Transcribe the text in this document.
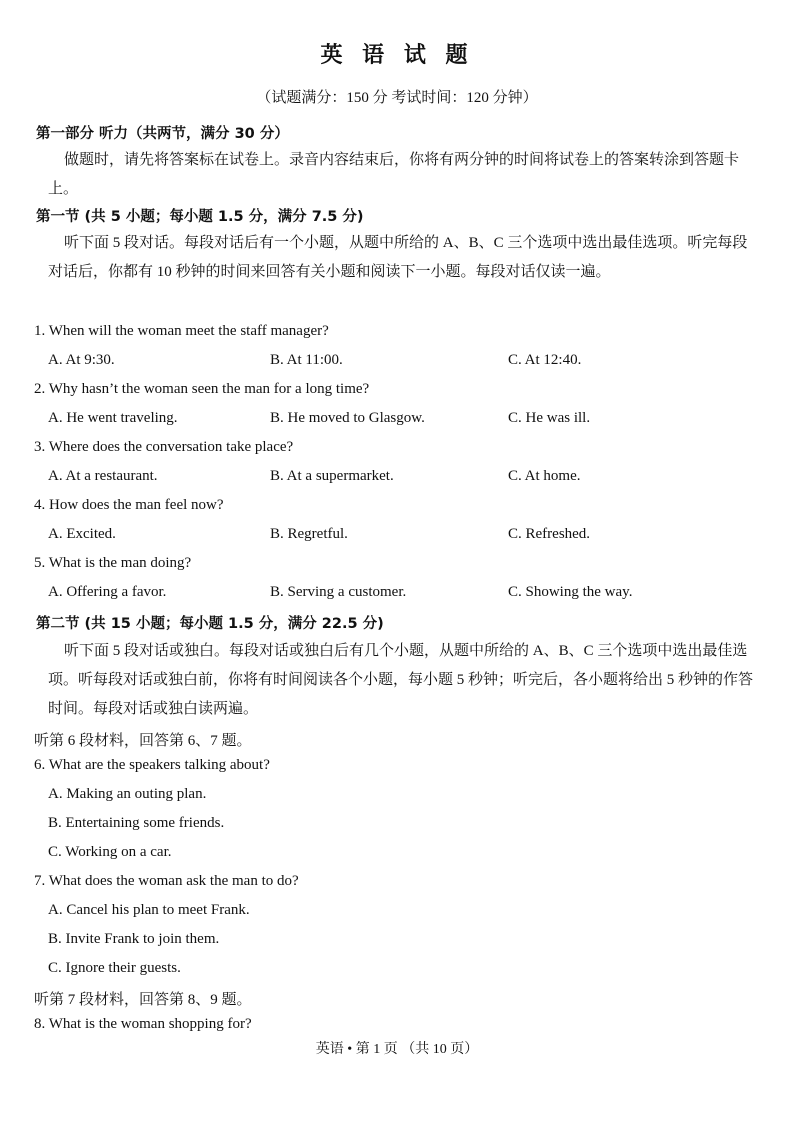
英 语 试 题
（试题满分：150 分 考试时间：120 分钟）
第一部分 听力（共两节，满分 30 分）
做题时，请先将答案标在试卷上。录音内容结束后，你将有两分钟的时间将试卷上的答案转涂到答题卡上。
第一节 (共 5 小题；每小题 1.5 分，满分 7.5 分)
听下面 5 段对话。每段对话后有一个小题，从题中所给的 A、B、C 三个选项中选出最佳选项。听完每段对话后，你都有 10 秒钟的时间来回答有关小题和阅读下一小题。每段对话仅读一遍。
1. When will the woman meet the staff manager?
A. At 9:30.	B. At 11:00.	C. At 12:40.
2. Why hasn’t the woman seen the man for a long time?
A. He went traveling.	B. He moved to Glasgow.	C. He was ill.
3. Where does the conversation take place?
A. At a restaurant.	B. At a supermarket.	C. At home.
4. How does the man feel now?
A. Excited.	B. Regretful.	C. Refreshed.
5. What is the man doing?
A. Offering a favor.	B. Serving a customer.	C. Showing the way.
第二节 (共 15 小题；每小题 1.5 分，满分 22.5 分)
听下面 5 段对话或独白。每段对话或独白后有几个小题，从题中所给的 A、B、C 三个选项中选出最佳选项。听每段对话或独白前，你将有时间阅读各个小题，每小题 5 秒钟；听完后，各小题将给出 5 秒钟的作答时间。每段对话或独白读两遍。
听第 6 段材料，回答第 6、7 题。
6. What are the speakers talking about?
A. Making an outing plan.
B. Entertaining some friends.
C. Working on a car.
7. What does the woman ask the man to do?
A. Cancel his plan to meet Frank.
B. Invite Frank to join them.
C. Ignore their guests.
听第 7 段材料，回答第 8、9 题。
8. What is the woman shopping for?
英语 • 第 1 页 （共 10 页）
